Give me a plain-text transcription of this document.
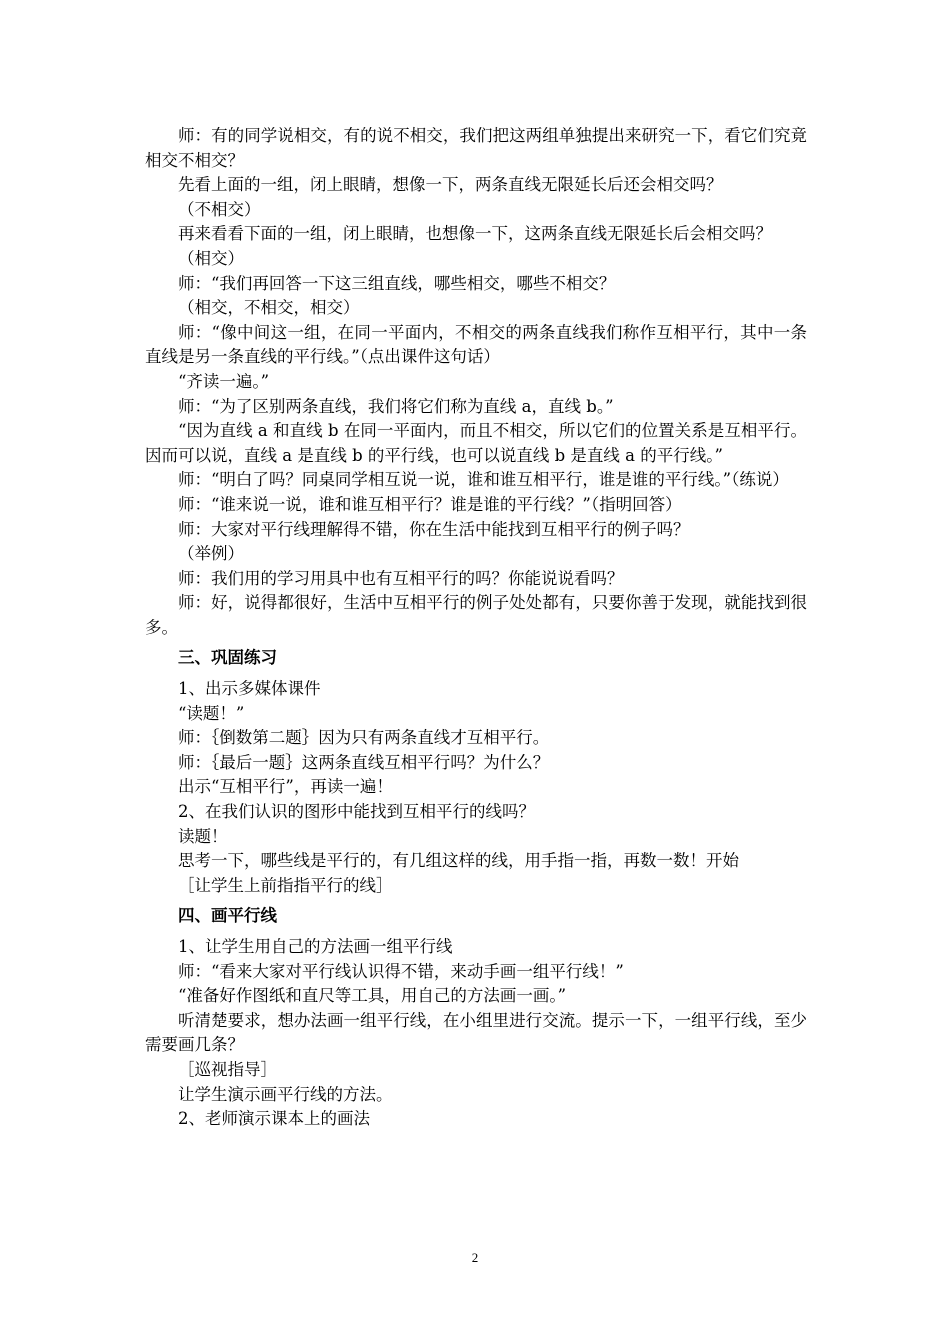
师：有的同学说相交，有的说不相交，我们把这两组单独提出来研究一下，看它们究竟相交不相交？

先看上面的一组，闭上眼睛，想像一下，两条直线无限延长后还会相交吗？

（不相交）

再来看看下面的一组，闭上眼睛，也想像一下，这两条直线无限延长后会相交吗？

（相交）

师：“我们再回答一下这三组直线，哪些相交，哪些不相交？

（相交，不相交，相交）

师：“像中间这一组，在同一平面内，不相交的两条直线我们称作互相平行，其中一条直线是另一条直线的平行线。”（点出课件这句话）

“齐读一遍。”

师：“为了区别两条直线，我们将它们称为直线 a，直线 b。”

“因为直线 a 和直线 b 在同一平面内，而且不相交，所以它们的位置关系是互相平行。因而可以说，直线 a 是直线 b 的平行线，也可以说直线 b 是直线 a 的平行线。”

师：“明白了吗？同桌同学相互说一说，谁和谁互相平行，谁是谁的平行线。”（练说）

师：“谁来说一说，谁和谁互相平行？谁是谁的平行线？”（指明回答）

师：大家对平行线理解得不错，你在生活中能找到互相平行的例子吗？

（举例）

师：我们用的学习用具中也有互相平行的吗？你能说说看吗？

师：好，说得都很好，生活中互相平行的例子处处都有，只要你善于发现，就能找到很多。

三、巩固练习

1、出示多媒体课件

“读题！”

师：｛倒数第二题｝因为只有两条直线才互相平行。

师：｛最后一题｝这两条直线互相平行吗？为什么？

出示“互相平行”，再读一遍！

2、在我们认识的图形中能找到互相平行的线吗？

读题！

思考一下，哪些线是平行的，有几组这样的线，用手指一指，再数一数！开始

［让学生上前指指平行的线］

四、画平行线

1、让学生用自己的方法画一组平行线

师：“看来大家对平行线认识得不错，来动手画一组平行线！”

“准备好作图纸和直尺等工具，用自己的方法画一画。”

听清楚要求，想办法画一组平行线，在小组里进行交流。提示一下，一组平行线，至少需要画几条？

［巡视指导］

让学生演示画平行线的方法。

2、老师演示课本上的画法

2
